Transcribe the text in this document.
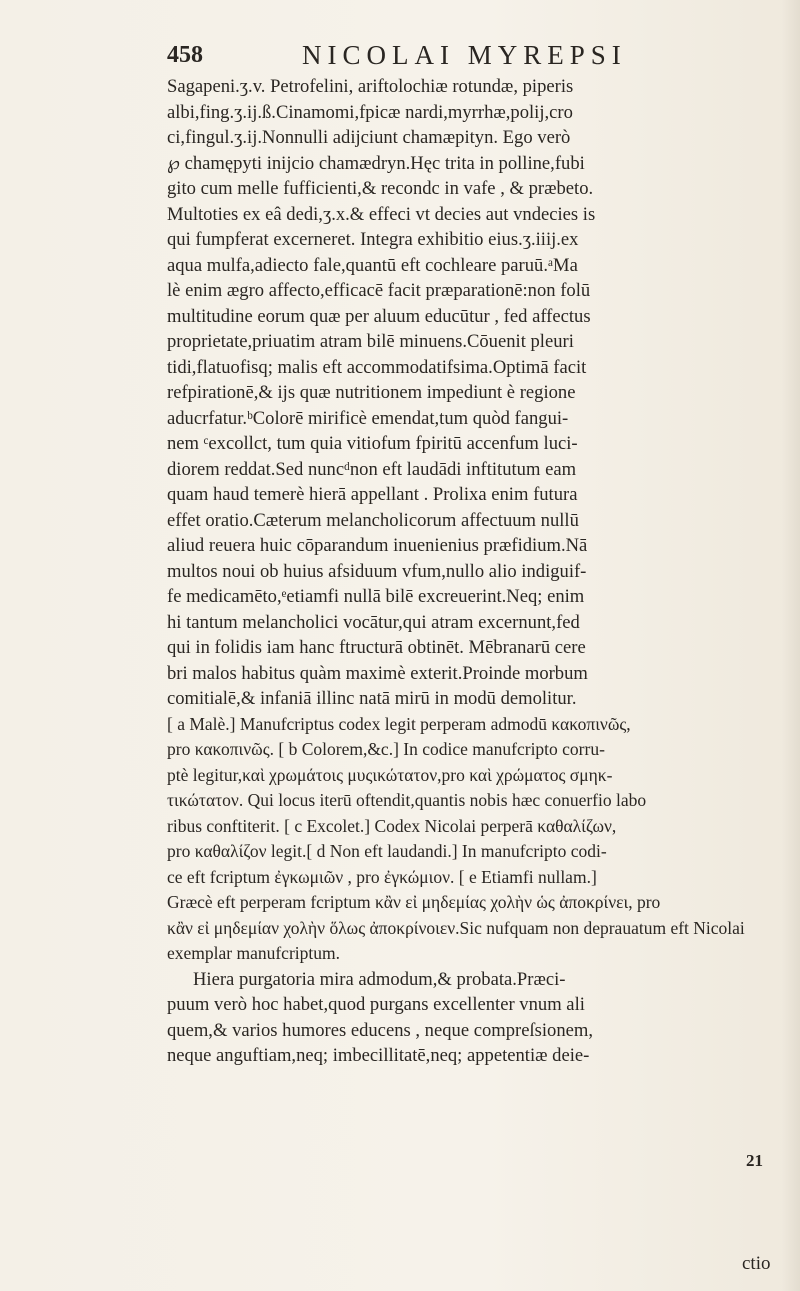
458	NICOLAI MYREPSI
Sagapeni.ʒ.v. Petrofelini, ariftolochiæ rotundæ, piperis
albi,fing.ʒ.ij.ß.Cinamomi,fpicæ nardi,myrrhæ,polij,cro
ci,fingul.ʒ.ij.Nonnulli adijciunt chamæpityn. Ego verò
℘ chamępyti inijcio chamædryn.Hęc trita in polline,fubi
gito cum melle fufficienti,& recondc in vafe , & præbeto.
Multoties ex eâ dedi,ʒ.x.& effeci vt decies aut vndecies is
qui fumpferat excerneret. Integra exhibitio eius.ʒ.iiij.ex
aqua mulfa,adiecto fale,quantū eft cochleare paruū.ᵃMa
lè enim ægro affecto,efficacē facit præparationē:non folū
multitudine eorum quæ per aluum educūtur , fed affectus
proprietate,priuatim atram bilē minuens.Cōuenit pleuri
tidi,flatuofisq; malis eft accommodatifsima.Optimā facit
refpirationē,& ijs quæ nutritionem impediunt è regione
aducrfatur.ᵇColorē mirificè emendat,tum quòd fangui-
nem ᶜexcollct, tum quia vitiofum fpiritū accenfum luci-
diorem reddat.Sed nuncᵈnon eft laudādi inftitutum eam
quam haud temerè hierā appellant . Prolixa enim futura
effet oratio.Cæterum melancholicorum affectuum nullū
aliud reuera huic cōparandum inuenienius præfidium.Nā
multos noui ob huius afsiduum vfum,nullo alio indiguif-
fe medicamēto,ᵉetiamfi nullā bilē excreuerint.Neq; enim
hi tantum melancholici vocātur,qui atram excernunt,fed
qui in folidis iam hanc ftructurā obtinēt. Mēbranarū cere
bri malos habitus quàm maximè exterit.Proinde morbum
comitialē,& infaniā illinc natā mirū in modū demolitur.
[ a Malè.] Manufcriptus codex legit perperam admodū κακοπινῶς,
pro κακοπινῶς. [ b Colorem,&c.] In codice manufcripto corru-
ptè legitur,καὶ χρωμάτοις μυςικώτατον,pro καὶ χρώματος σμηκ-
τικώτατον. Qui locus iterū oftendit,quantis nobis hæc conuerfio labo
ribus conftiterit. [ c Excolet.] Codex Nicolai perperā καθαλίζων,
pro καθαλίζον legit.[ d Non eft laudandi.] In manufcripto codi-
ce eft fcriptum ἐγκωμιῶν , pro ἐγκώμιον. [ e Etiamfi nullam.]
Græcè eft perperam fcriptum κἂν εἰ μηδεμίας χολὴν ὡς ἀποκρίνει, pro
κἂν εἰ μηδεμίαν χολὴν ὅλως ἀποκρίνοιεν.Sic nufquam non deprauatum eft Nicolai exemplar manufcriptum.
Hiera purgatoria mira admodum,& probata.Præci-
puum verò hoc habet,quod purgans excellenter vnum ali
quem,& varios humores educens , neque compreſsionem,
neque anguftiam,neq; imbecillitatē,neq; appetentiæ deie-
21
ctio
